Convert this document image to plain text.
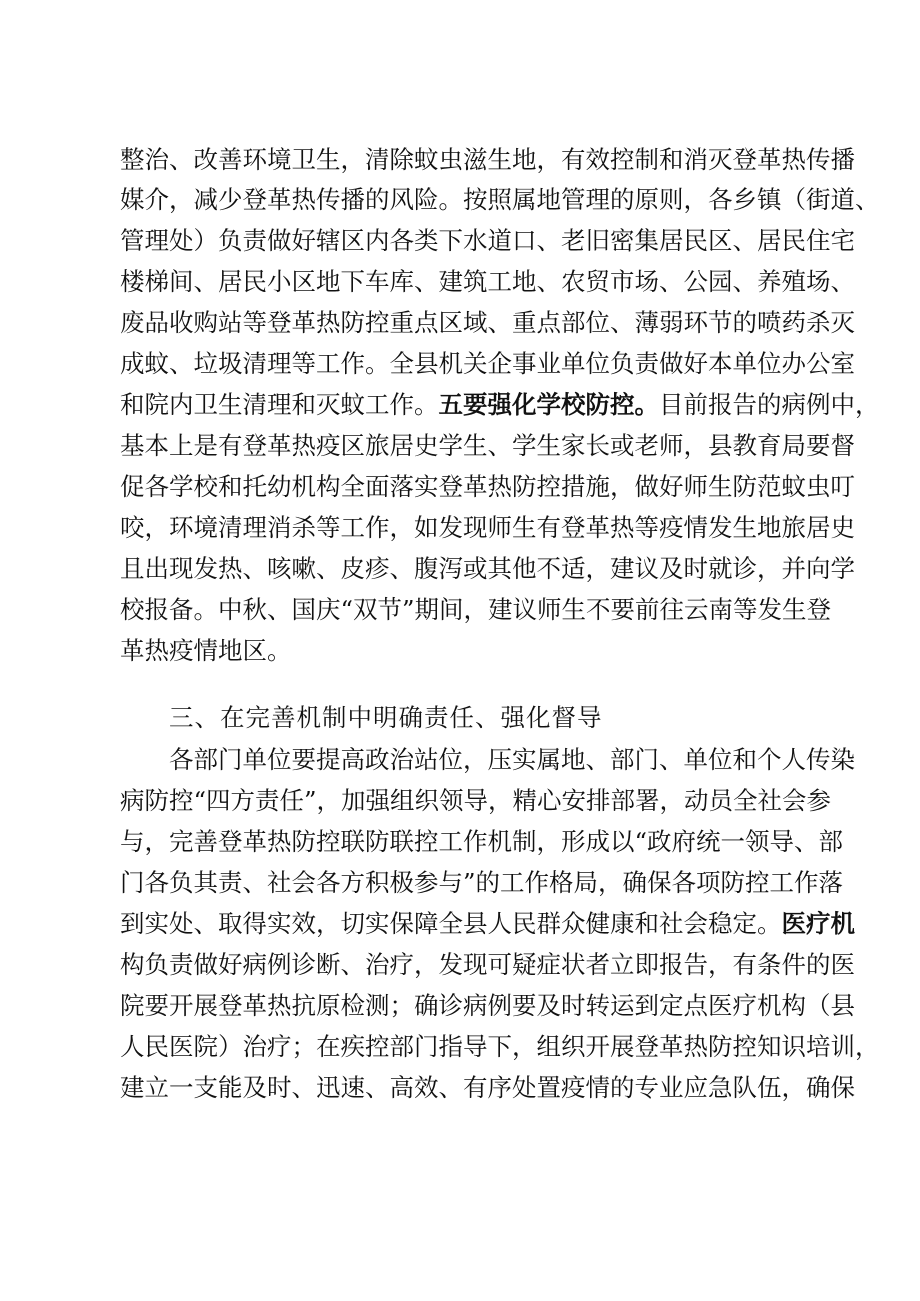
整治、改善环境卫生，清除蚊虫滋生地，有效控制和消灭登革热传播
媒介，减少登革热传播的风险。按照属地管理的原则，各乡镇（街道、
管理处）负责做好辖区内各类下水道口、老旧密集居民区、居民住宅
楼梯间、居民小区地下车库、建筑工地、农贸市场、公园、养殖场、
废品收购站等登革热防控重点区域、重点部位、薄弱环节的喷药杀灭
成蚊、垃圾清理等工作。全县机关企事业单位负责做好本单位办公室
和院内卫生清理和灭蚊工作。五要强化学校防控。目前报告的病例中，
基本上是有登革热疫区旅居史学生、学生家长或老师，县教育局要督
促各学校和托幼机构全面落实登革热防控措施，做好师生防范蚊虫叮
咬，环境清理消杀等工作，如发现师生有登革热等疫情发生地旅居史
且出现发热、咳嗽、皮疹、腹泻或其他不适，建议及时就诊，并向学
校报备。中秋、国庆“双节”期间，建议师生不要前往云南等发生登
革热疫情地区。
三、在完善机制中明确责任、强化督导
各部门单位要提高政治站位，压实属地、部门、单位和个人传染
病防控“四方责任”，加强组织领导，精心安排部署，动员全社会参
与，完善登革热防控联防联控工作机制，形成以“政府统一领导、部
门各负其责、社会各方积极参与”的工作格局，确保各项防控工作落
到实处、取得实效，切实保障全县人民群众健康和社会稳定。医疗机
构负责做好病例诊断、治疗，发现可疑症状者立即报告，有条件的医
院要开展登革热抗原检测；确诊病例要及时转运到定点医疗机构（县
人民医院）治疗；在疾控部门指导下，组织开展登革热防控知识培训，
建立一支能及时、迅速、高效、有序处置疫情的专业应急队伍，确保
